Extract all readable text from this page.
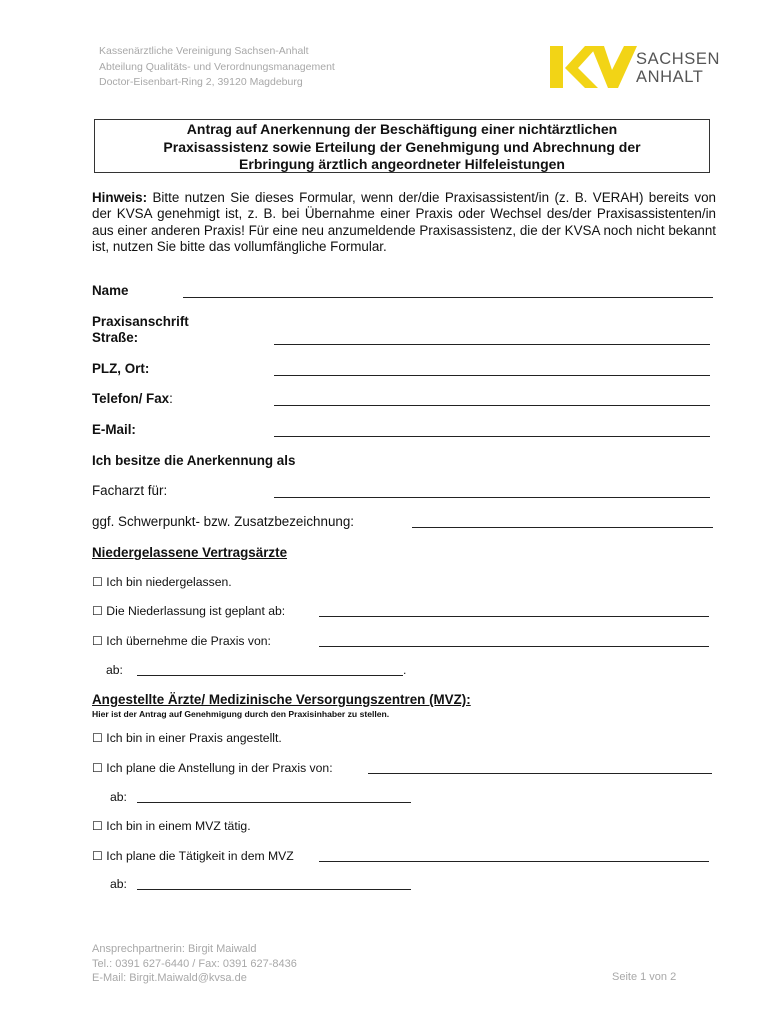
Kassenärztliche Vereinigung Sachsen-Anhalt
Abteilung Qualitäts- und Verordnungsmanagement
Doctor-Eisenbart-Ring 2, 39120 Magdeburg
SACHSEN
ANHALT
Antrag auf Anerkennung der Beschäftigung einer nichtärztlichen
Praxisassistenz sowie Erteilung der Genehmigung und Abrechnung der
Erbringung ärztlich angeordneter Hilfeleistungen
Hinweis: Bitte nutzen Sie dieses Formular, wenn der/die Praxisassistent/in (z. B. VERAH) bereits von der KVSA genehmigt ist, z. B. bei Übernahme einer Praxis oder Wechsel des/der Praxisassistenten/in aus einer anderen Praxis! Für eine neu anzumeldende Praxisassistenz, die der KVSA noch nicht bekannt ist, nutzen Sie bitte das vollumfängliche Formular.
Name
Praxisanschrift
Straße:
PLZ, Ort:
Telefon/ Fax:
E-Mail:
Ich besitze die Anerkennung als
Facharzt für:
ggf. Schwerpunkt- bzw. Zusatzbezeichnung:
Niedergelassene Vertragsärzte
☐ Ich bin niedergelassen.
☐ Die Niederlassung ist geplant ab:
☐ Ich übernehme die Praxis von:
ab:	.
Angestellte Ärzte/ Medizinische Versorgungszentren (MVZ):
Hier ist der Antrag auf Genehmigung durch den Praxisinhaber zu stellen.
☐ Ich bin in einer Praxis angestellt.
☐ Ich plane die Anstellung in der Praxis von:
ab:
☐ Ich bin in einem MVZ tätig.
☐ Ich plane die Tätigkeit in dem MVZ
ab:
Ansprechpartnerin: Birgit Maiwald
Tel.: 0391 627-6440 / Fax: 0391 627-8436
E-Mail: Birgit.Maiwald@kvsa.de	Seite 1 von 2
